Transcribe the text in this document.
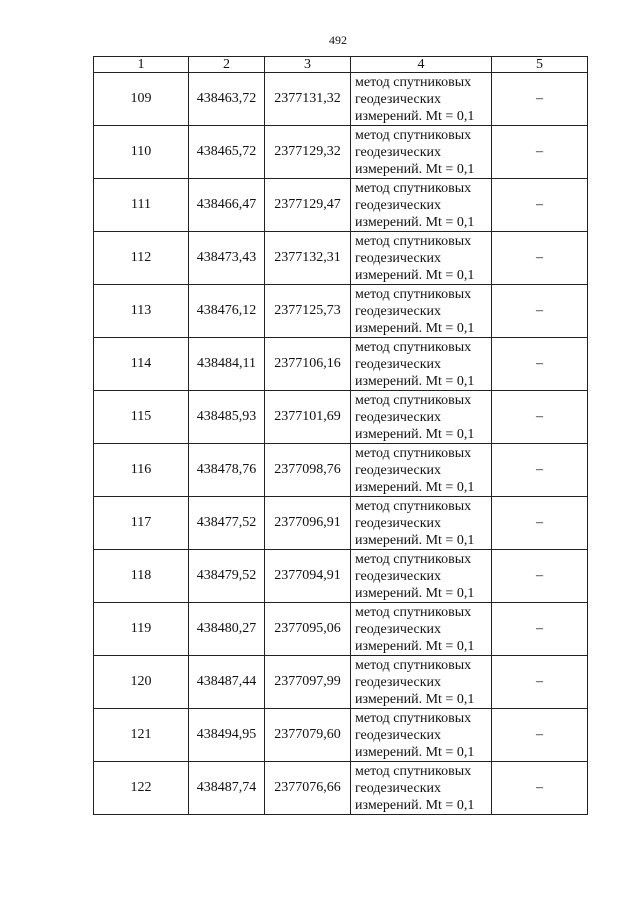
492
1	2	3	4	5
109	438463,72	2377131,32	метод спутниковых
геодезических
измерений. Mt = 0,1	–
110	438465,72	2377129,32	метод спутниковых
геодезических
измерений. Mt = 0,1	–
111	438466,47	2377129,47	метод спутниковых
геодезических
измерений. Mt = 0,1	–
112	438473,43	2377132,31	метод спутниковых
геодезических
измерений. Mt = 0,1	–
113	438476,12	2377125,73	метод спутниковых
геодезических
измерений. Mt = 0,1	–
114	438484,11	2377106,16	метод спутниковых
геодезических
измерений. Mt = 0,1	–
115	438485,93	2377101,69	метод спутниковых
геодезических
измерений. Mt = 0,1	–
116	438478,76	2377098,76	метод спутниковых
геодезических
измерений. Mt = 0,1	–
117	438477,52	2377096,91	метод спутниковых
геодезических
измерений. Mt = 0,1	–
118	438479,52	2377094,91	метод спутниковых
геодезических
измерений. Mt = 0,1	–
119	438480,27	2377095,06	метод спутниковых
геодезических
измерений. Mt = 0,1	–
120	438487,44	2377097,99	метод спутниковых
геодезических
измерений. Mt = 0,1	–
121	438494,95	2377079,60	метод спутниковых
геодезических
измерений. Mt = 0,1	–
122	438487,74	2377076,66	метод спутниковых
геодезических
измерений. Mt = 0,1	–
